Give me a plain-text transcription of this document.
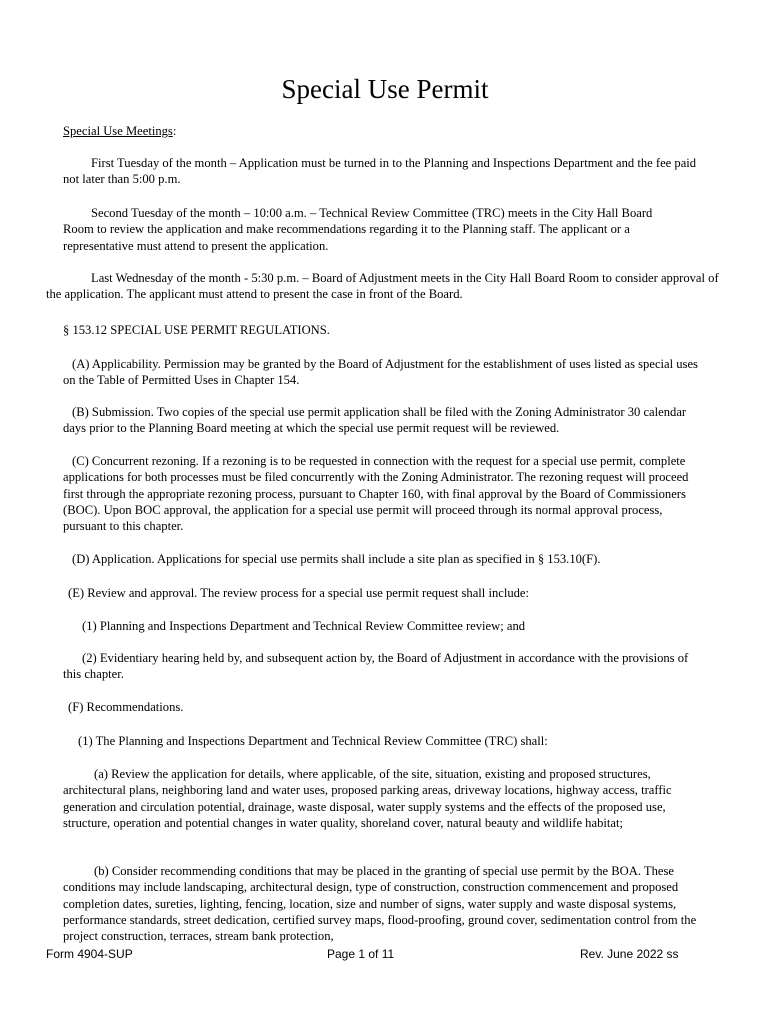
Special Use Permit

Special Use Meetings:

First Tuesday of the month – Application must be turned in to the Planning and Inspections Department and the fee paid not later than 5:00 p.m.

Second Tuesday of the month – 10:00 a.m. – Technical Review Committee (TRC) meets in the City Hall Board Room to review the application and make recommendations regarding it to the Planning staff. The applicant or a representative must attend to present the application.

Last Wednesday of the month - 5:30 p.m. – Board of Adjustment meets in the City Hall Board Room to consider approval of the application. The applicant must attend to present the case in front of the Board.

§ 153.12 SPECIAL USE PERMIT REGULATIONS.

(A) Applicability. Permission may be granted by the Board of Adjustment for the establishment of uses listed as special uses on the Table of Permitted Uses in Chapter 154.

(B) Submission. Two copies of the special use permit application shall be filed with the Zoning Administrator 30 calendar days prior to the Planning Board meeting at which the special use permit request will be reviewed.

(C) Concurrent rezoning. If a rezoning is to be requested in connection with the request for a special use permit, complete applications for both processes must be filed concurrently with the Zoning Administrator. The rezoning request will proceed first through the appropriate rezoning process, pursuant to Chapter 160, with final approval by the Board of Commissioners (BOC). Upon BOC approval, the application for a special use permit will proceed through its normal approval process, pursuant to this chapter.

(D) Application. Applications for special use permits shall include a site plan as specified in § 153.10(F).

(E) Review and approval. The review process for a special use permit request shall include:

(1) Planning and Inspections Department and Technical Review Committee review; and

(2) Evidentiary hearing held by, and subsequent action by, the Board of Adjustment in accordance with the provisions of this chapter.

(F) Recommendations.

(1) The Planning and Inspections Department and Technical Review Committee (TRC) shall:

(a) Review the application for details, where applicable, of the site, situation, existing and proposed structures, architectural plans, neighboring land and water uses, proposed parking areas, driveway locations, highway access, traffic generation and circulation potential, drainage, waste disposal, water supply systems and the effects of the proposed use, structure, operation and potential changes in water quality, shoreland cover, natural beauty and wildlife habitat;

(b) Consider recommending conditions that may be placed in the granting of special use permit by the BOA. These conditions may include landscaping, architectural design, type of construction, construction commencement and proposed completion dates, sureties, lighting, fencing, location, size and number of signs, water supply and waste disposal systems, performance standards, street dedication, certified survey maps, flood-proofing, ground cover, sedimentation control from the project construction, terraces, stream bank protection,

Form 4904-SUP	Page 1 of 11	Rev. June 2022 ss
